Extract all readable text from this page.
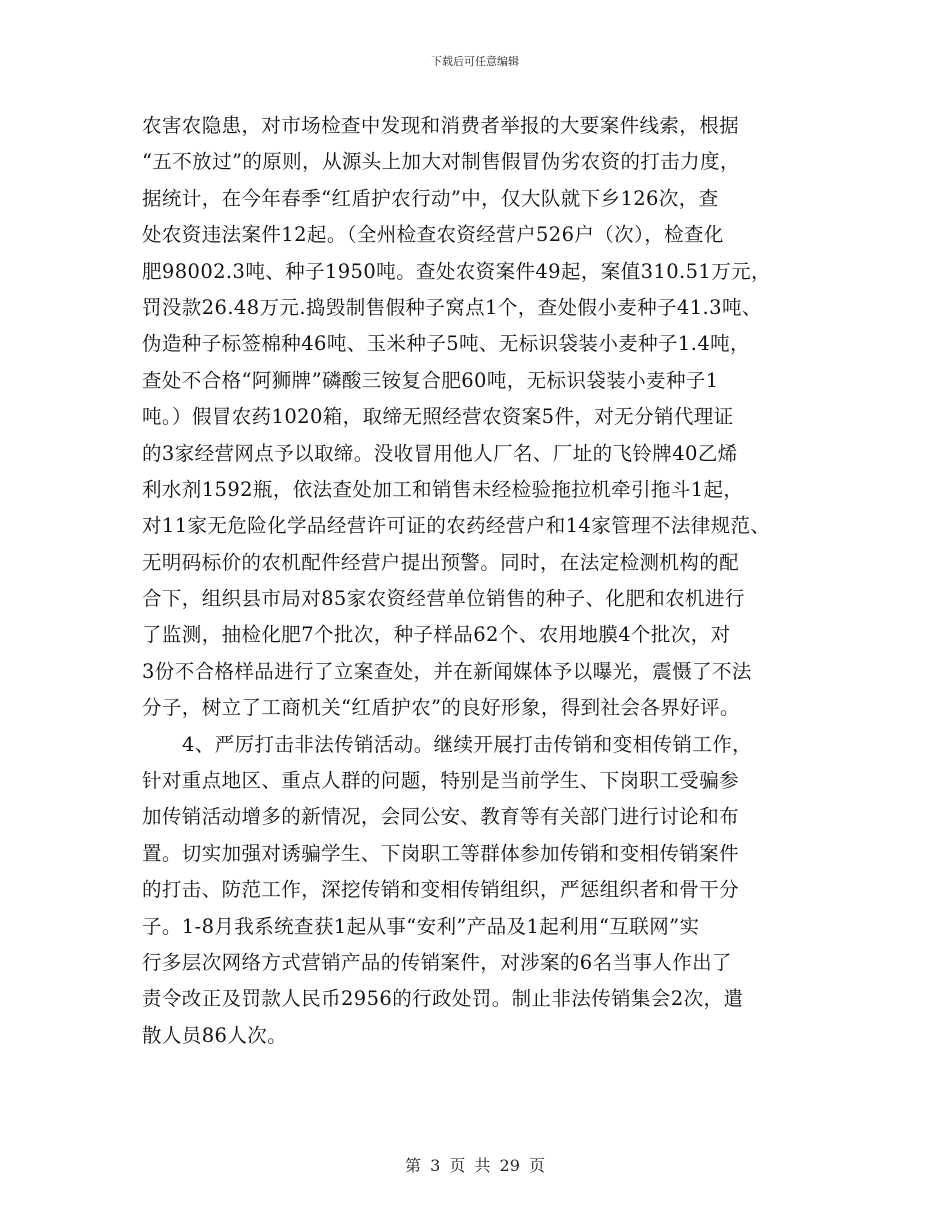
下载后可任意编辑
农害农隐患，对市场检查中发现和消费者举报的大要案件线索，根据
“五不放过”的原则，从源头上加大对制售假冒伪劣农资的打击力度，
据统计，在今年春季“红盾护农行动”中，仅大队就下乡126次，查
处农资违法案件12起。（全州检查农资经营户526户（次），检查化
肥98002.3吨、种子1950吨。查处农资案件49起，案值310.51万元，
罚没款26.48万元.捣毁制售假种子窝点1个，查处假小麦种子41.3吨、
伪造种子标签棉种46吨、玉米种子5吨、无标识袋装小麦种子1.4吨，
查处不合格“阿狮牌”磷酸三铵复合肥60吨，无标识袋装小麦种子1
吨。）假冒农药1020箱，取缔无照经营农资案5件，对无分销代理证
的3家经营网点予以取缔。没收冒用他人厂名、厂址的飞铃牌40乙烯
利水剂1592瓶，依法查处加工和销售未经检验拖拉机牵引拖斗1起，
对11家无危险化学品经营许可证的农药经营户和14家管理不法律规范、
无明码标价的农机配件经营户提出预警。同时，在法定检测机构的配
合下，组织县市局对85家农资经营单位销售的种子、化肥和农机进行
了监测，抽检化肥7个批次，种子样品62个、农用地膜4个批次，对
3份不合格样品进行了立案查处，并在新闻媒体予以曝光，震慑了不法
分子，树立了工商机关“红盾护农”的良好形象，得到社会各界好评。
4、严厉打击非法传销活动。继续开展打击传销和变相传销工作，
针对重点地区、重点人群的问题，特别是当前学生、下岗职工受骗参
加传销活动增多的新情况，会同公安、教育等有关部门进行讨论和布
置。切实加强对诱骗学生、下岗职工等群体参加传销和变相传销案件
的打击、防范工作，深挖传销和变相传销组织，严惩组织者和骨干分
子。1-8月我系统查获1起从事“安利”产品及1起利用“互联网”实
行多层次网络方式营销产品的传销案件，对涉案的6名当事人作出了
责令改正及罚款人民币2956的行政处罚。制止非法传销集会2次，遣
散人员86人次。
第 3 页 共 29 页
